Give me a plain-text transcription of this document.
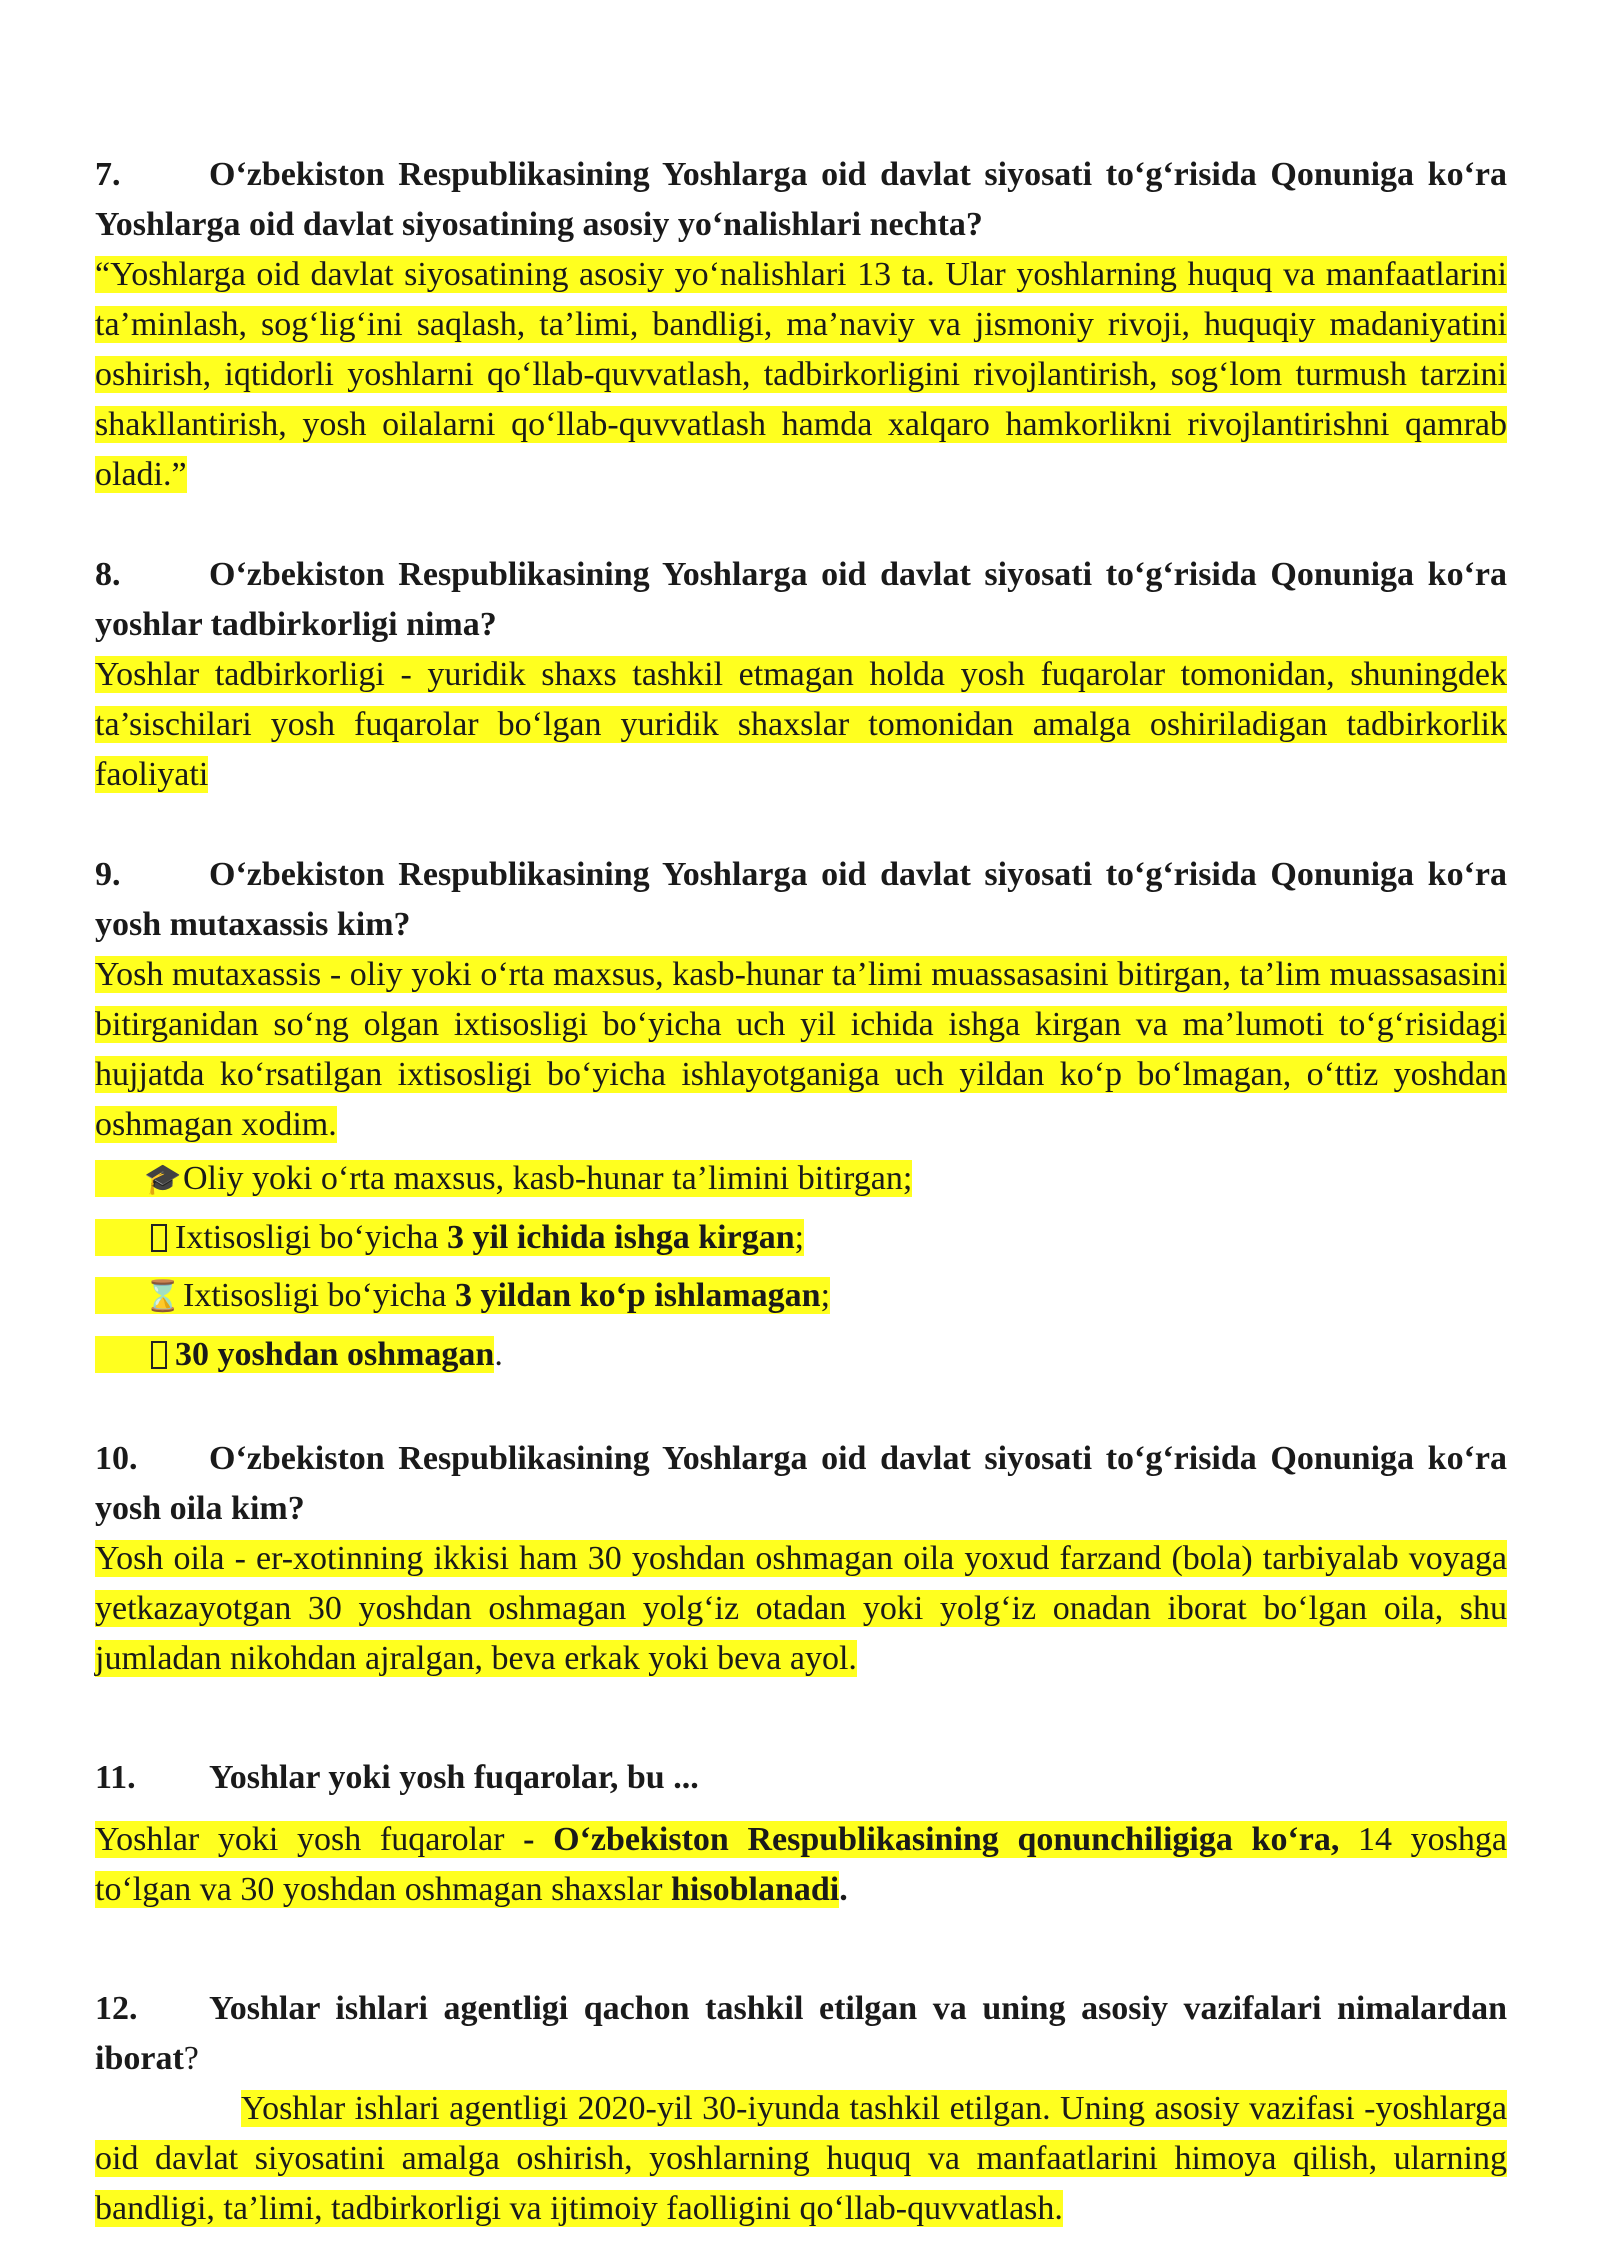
7.	O‘zbekiston Respublikasining Yoshlarga oid davlat siyosati to‘g‘risida Qonuniga ko‘ra Yoshlarga oid davlat siyosatining asosiy yo‘nalishlari nechta?

“Yoshlarga oid davlat siyosatining asosiy yo‘nalishlari 13 ta. Ular yoshlarning huquq va manfaatlarini ta’minlash, sog‘lig‘ini saqlash, ta’limi, bandligi, ma’naviy va jismoniy rivoji, huquqiy madaniyatini oshirish, iqtidorli yoshlarni qo‘llab-quvvatlash, tadbirkorligini rivojlantirish, sog‘lom turmush tarzini shakllantirish, yosh oilalarni qo‘llab-quvvatlash hamda xalqaro hamkorlikni rivojlantirishni qamrab oladi.”

8.	O‘zbekiston Respublikasining Yoshlarga oid davlat siyosati to‘g‘risida Qonuniga ko‘ra yoshlar tadbirkorligi nima?

Yoshlar tadbirkorligi - yuridik shaxs tashkil etmagan holda yosh fuqarolar tomonidan, shuningdek ta’sischilari yosh fuqarolar bo‘lgan yuridik shaxslar tomonidan amalga oshiriladigan tadbirkorlik faoliyati

9.	O‘zbekiston Respublikasining Yoshlarga oid davlat siyosati to‘g‘risida Qonuniga ko‘ra yosh mutaxassis kim?

Yosh mutaxassis - oliy yoki o‘rta maxsus, kasb-hunar ta’limi muassasasini bitirgan, ta’lim muassasasini bitirganidan so‘ng olgan ixtisosligi bo‘yicha uch yil ichida ishga kirgan va ma’lumoti to‘g‘risidagi hujjatda ko‘rsatilgan ixtisosligi bo‘yicha ishlayotganiga uch yildan ko‘p bo‘lmagan, o‘ttiz yoshdan oshmagan xodim.

🎓Oliy yoki o‘rta maxsus, kasb-hunar ta’limini bitirgan;

Ixtisosligi bo‘yicha 3 yil ichida ishga kirgan;

⌛Ixtisosligi bo‘yicha 3 yildan ko‘p ishlamagan;

30 yoshdan oshmagan.

10. O‘zbekiston Respublikasining Yoshlarga oid davlat siyosati to‘g‘risida Qonuniga ko‘ra yosh oila kim?

Yosh oila - er-xotinning ikkisi ham 30 yoshdan oshmagan oila yoxud farzand (bola) tarbiyalab voyaga yetkazayotgan 30 yoshdan oshmagan yolg‘iz otadan yoki yolg‘iz onadan iborat bo‘lgan oila, shu jumladan nikohdan ajralgan, beva erkak yoki beva ayol.

11. Yoshlar yoki yosh fuqarolar, bu ...

Yoshlar yoki yosh fuqarolar - O‘zbekiston Respublikasining qonunchiligiga ko‘ra, 14 yoshga to‘lgan va 30 yoshdan oshmagan shaxslar hisoblanadi.

12. Yoshlar ishlari agentligi qachon tashkil etilgan va uning asosiy vazifalari nimalardan iborat?

Yoshlar ishlari agentligi 2020-yil 30-iyunda tashkil etilgan. Uning asosiy vazifasi -yoshlarga oid davlat siyosatini amalga oshirish, yoshlarning huquq va manfaatlarini himoya qilish, ularning bandligi, ta’limi, tadbirkorligi va ijtimoiy faolligini qo‘llab-quvvatlash.
